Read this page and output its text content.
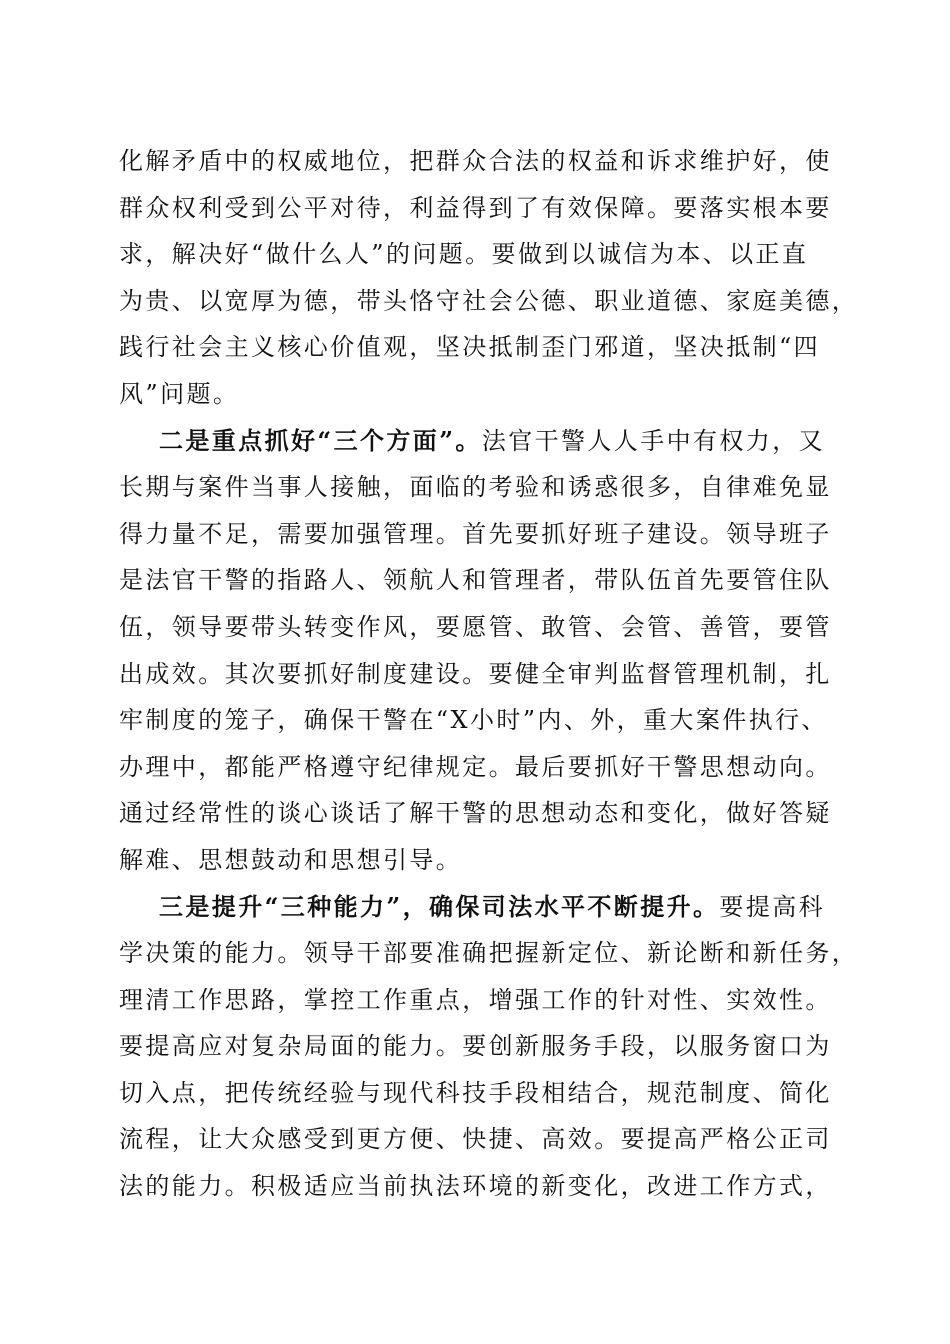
化解矛盾中的权威地位，把群众合法的权益和诉求维护好，使
群众权利受到公平对待，利益得到了有效保障。要落实根本要
求，解决好“做什么人”的问题。要做到以诚信为本、以正直
为贵、以宽厚为德，带头恪守社会公德、职业道德、家庭美德，
践行社会主义核心价值观，坚决抵制歪门邪道，坚决抵制“四
风”问题。
二是重点抓好“三个方面”。法官干警人人手中有权力，又
长期与案件当事人接触，面临的考验和诱惑很多，自律难免显
得力量不足，需要加强管理。首先要抓好班子建设。领导班子
是法官干警的指路人、领航人和管理者，带队伍首先要管住队
伍，领导要带头转变作风，要愿管、敢管、会管、善管，要管
出成效。其次要抓好制度建设。要健全审判监督管理机制，扎
牢制度的笼子，确保干警在“X小时”内、外，重大案件执行、
办理中，都能严格遵守纪律规定。最后要抓好干警思想动向。
通过经常性的谈心谈话了解干警的思想动态和变化，做好答疑
解难、思想鼓动和思想引导。
三是提升“三种能力”，确保司法水平不断提升。要提高科
学决策的能力。领导干部要准确把握新定位、新论断和新任务，
理清工作思路，掌控工作重点，增强工作的针对性、实效性。
要提高应对复杂局面的能力。要创新服务手段，以服务窗口为
切入点，把传统经验与现代科技手段相结合，规范制度、简化
流程，让大众感受到更方便、快捷、高效。要提高严格公正司
法的能力。积极适应当前执法环境的新变化，改进工作方式，
